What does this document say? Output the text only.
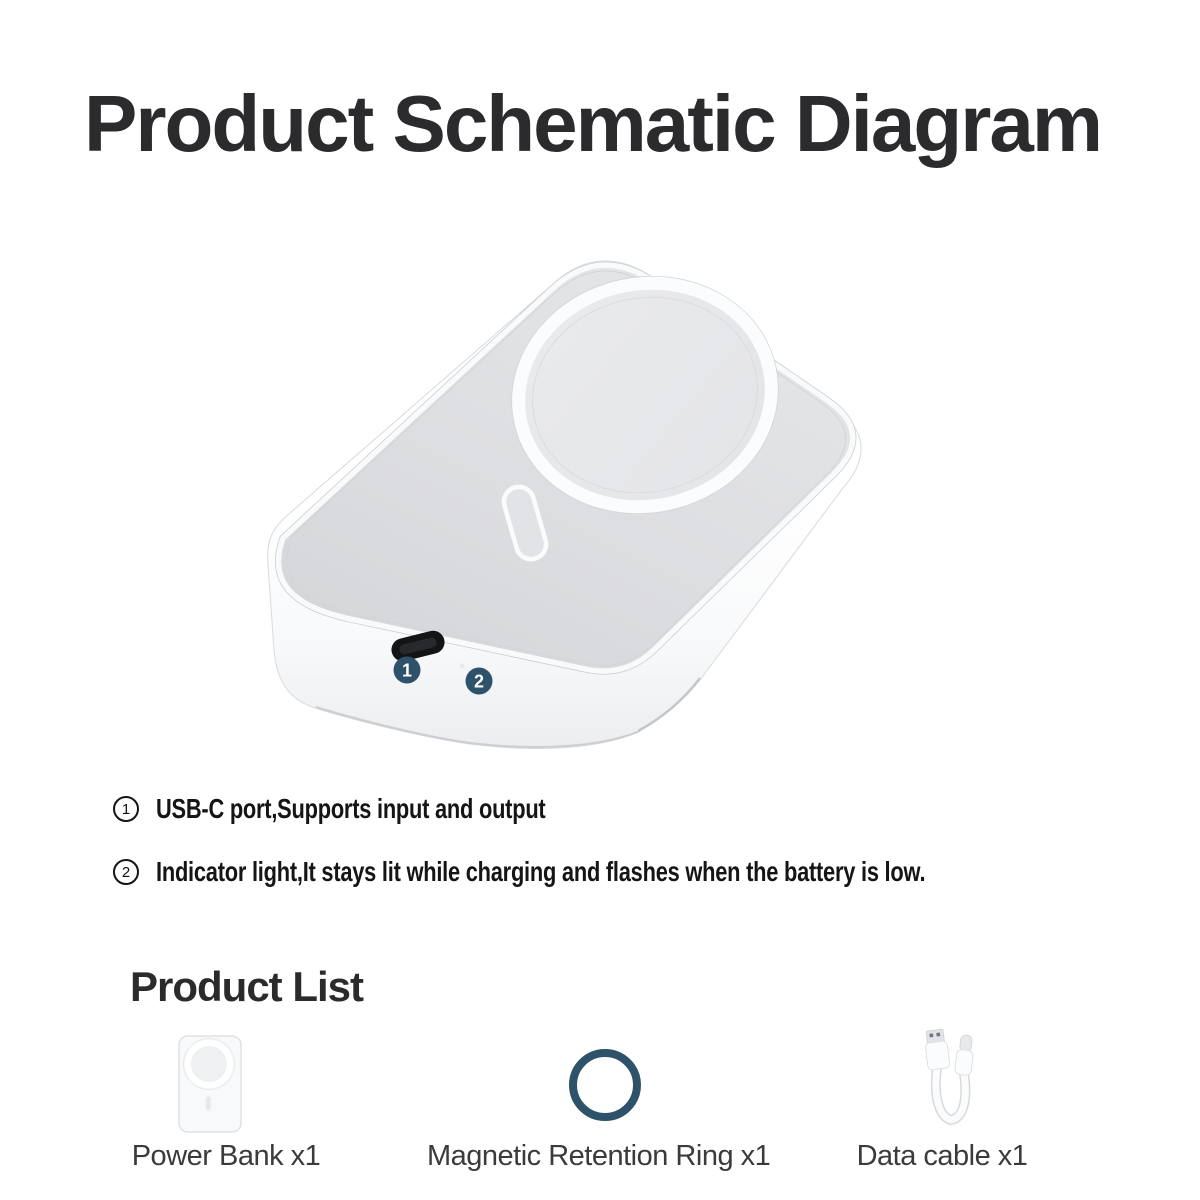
Product Schematic Diagram
1
2
1 USB-C port,Supports input and output
2 Indicator light,It stays lit while charging and flashes when the battery is low.
Product List
Power Bank x1	Magnetic Retention Ring x1	Data cable x1
